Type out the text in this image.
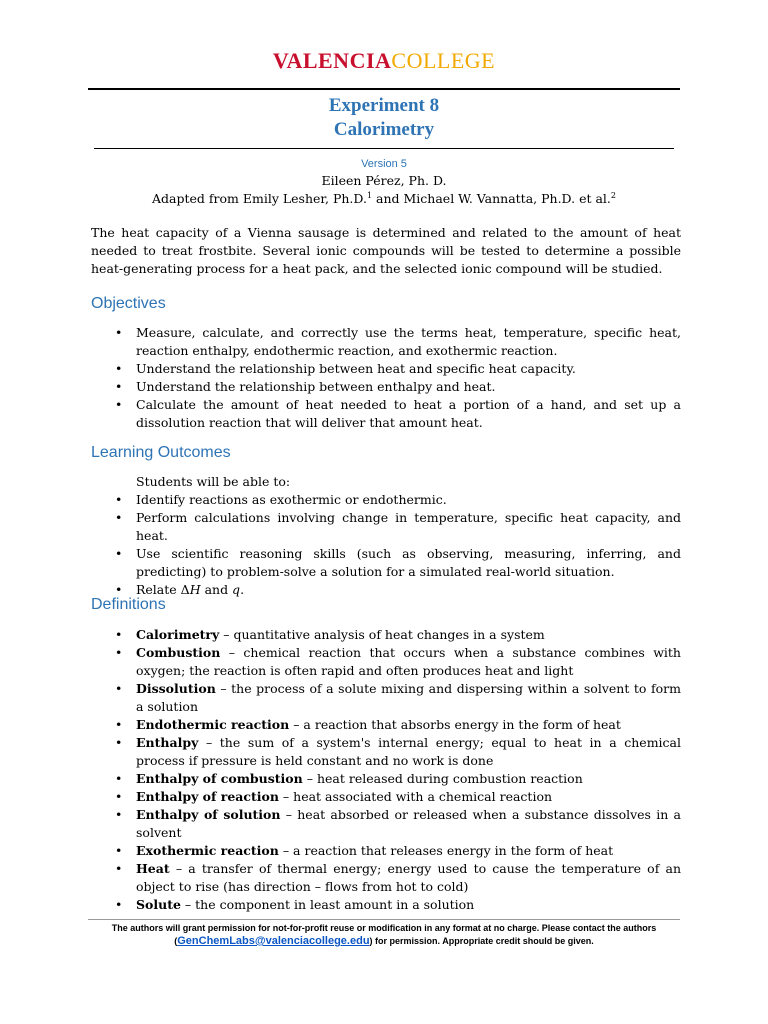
VALENCIACOLLEGE
Experiment 8
Calorimetry
Version 5
Eileen Pérez, Ph. D.
Adapted from Emily Lesher, Ph.D.$^1$ and Michael W. Vannatta, Ph.D. et al.$^2$
The heat capacity of a Vienna sausage is determined and related to the amount of heat needed to treat frostbite. Several ionic compounds will be tested to determine a possible heat-generating process for a heat pack, and the selected ionic compound will be studied.
Objectives
• Measure, calculate, and correctly use the terms heat, temperature, specific heat, reaction enthalpy, endothermic reaction, and exothermic reaction.
• Understand the relationship between heat and specific heat capacity.
• Understand the relationship between enthalpy and heat.
• Calculate the amount of heat needed to heat a portion of a hand, and set up a dissolution reaction that will deliver that amount heat.
Learning Outcomes
Students will be able to:
• Identify reactions as exothermic or endothermic.
• Perform calculations involving change in temperature, specific heat capacity, and heat.
• Use scientific reasoning skills (such as observing, measuring, inferring, and predicting) to problem-solve a solution for a simulated real-world situation.
• Relate ΔH and q.
Definitions
• Calorimetry – quantitative analysis of heat changes in a system
• Combustion – chemical reaction that occurs when a substance combines with oxygen; the reaction is often rapid and often produces heat and light
• Dissolution – the process of a solute mixing and dispersing within a solvent to form a solution
• Endothermic reaction – a reaction that absorbs energy in the form of heat
• Enthalpy – the sum of a system's internal energy; equal to heat in a chemical process if pressure is held constant and no work is done
• Enthalpy of combustion – heat released during combustion reaction
• Enthalpy of reaction – heat associated with a chemical reaction
• Enthalpy of solution – heat absorbed or released when a substance dissolves in a solvent
• Exothermic reaction – a reaction that releases energy in the form of heat
• Heat – a transfer of thermal energy; energy used to cause the temperature of an object to rise (has direction – flows from hot to cold)
• Solute – the component in least amount in a solution
The authors will grant permission for not-for-profit reuse or modification in any format at no charge. Please contact the authors (GenChemLabs@valenciacollege.edu) for permission. Appropriate credit should be given.
